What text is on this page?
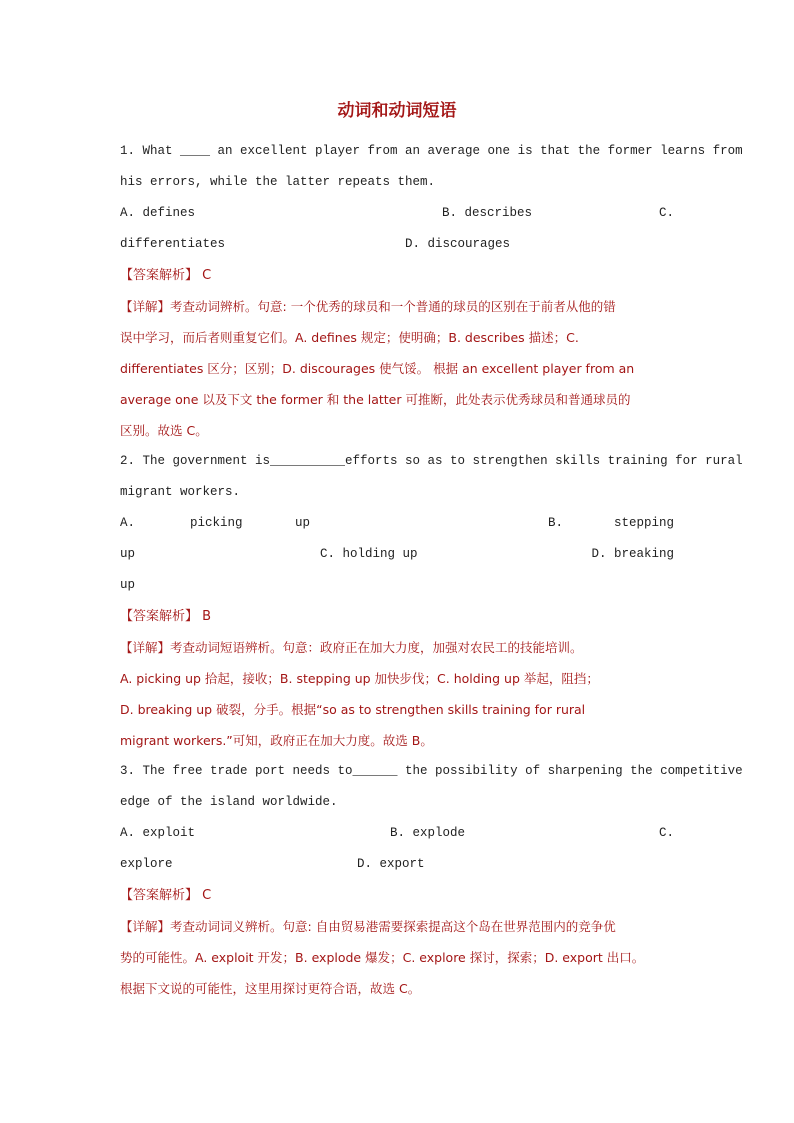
动词和动词短语
1. What ____ an excellent player from an average one is that the former learns from
his errors, while the latter repeats them.
A. defines	B. describes	C.
differentiates	D. discourages
【答案解析】 C
【详解】考查动词辨析。句意: 一个优秀的球员和一个普通的球员的区别在于前者从他的错
误中学习，而后者则重复它们。A. defines 规定；使明确；B. describes 描述；C.
differentiates 区分；区别；D. discourages 使气馁。 根据 an excellent player from an
average one 以及下文 the former 和 the latter 可推断，此处表示优秀球员和普通球员的
区别。故选 C。
2. The government is__________efforts so as to strengthen skills training for rural
migrant workers.
A.	picking	up	B.	stepping
up	C. holding up	D. breaking
up
【答案解析】 B
【详解】考查动词短语辨析。句意：政府正在加大力度，加强对农民工的技能培训。
A. picking up 拾起，接收；B. stepping up 加快步伐；C. holding up 举起，阻挡；
D. breaking up 破裂，分手。根据“so as to strengthen skills training for rural
migrant workers.”可知，政府正在加大力度。故选 B。
3. The free trade port needs to______ the possibility of sharpening the competitive
edge of the island worldwide.
A. exploit	B. explode	C.
explore	D. export
【答案解析】 C
【详解】考查动词词义辨析。句意: 自由贸易港需要探索提高这个岛在世界范围内的竞争优
势的可能性。A. exploit 开发；B. explode 爆发；C. explore 探讨，探索；D. export 出口。
根据下文说的可能性，这里用探讨更符合语，故选 C。
